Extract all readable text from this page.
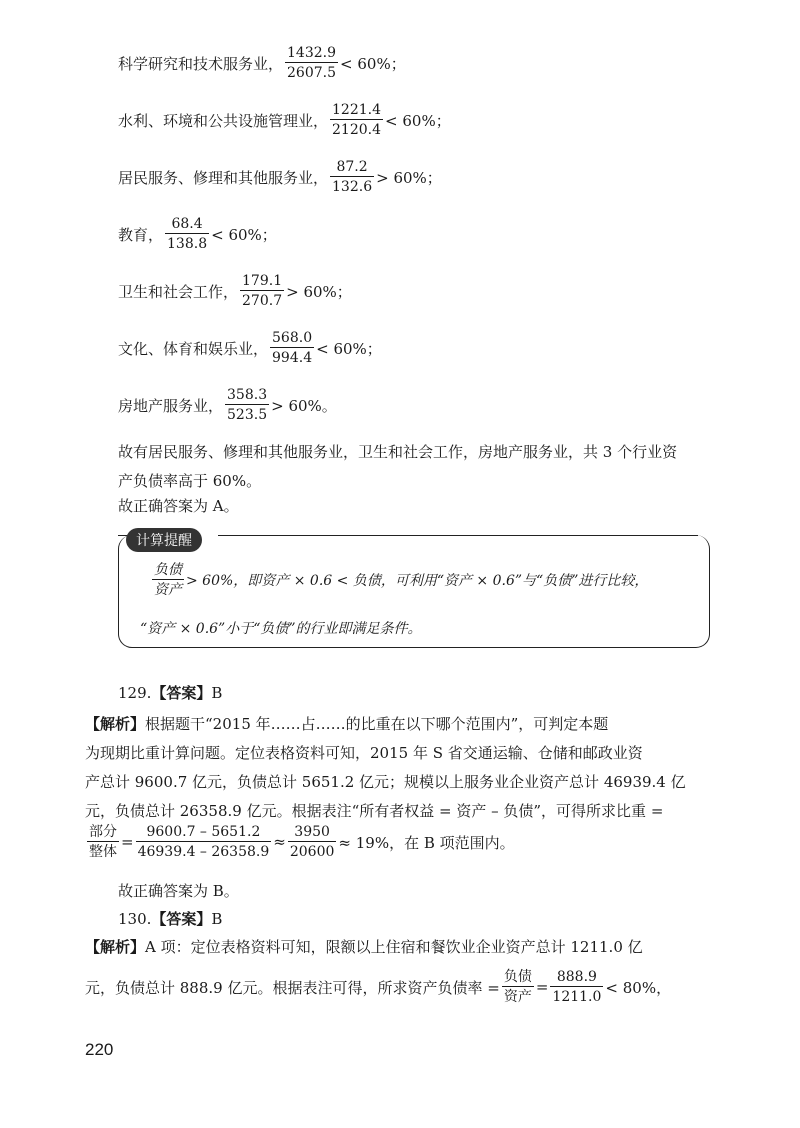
科学研究和技术服务业， $\frac{1432.9}{2607.5} < 60\%$；
水利、环境和公共设施管理业， $\frac{1221.4}{2120.4} < 60\%$；
居民服务、修理和其他服务业， $\frac{87.2}{132.6} > 60\%$；
教育， $\frac{68.4}{138.8} < 60\%$；
卫生和社会工作， $\frac{179.1}{270.7} > 60\%$；
文化、体育和娱乐业， $\frac{568.0}{994.4} < 60\%$；
房地产服务业， $\frac{358.3}{523.5} > 60\%$。
故有居民服务、修理和其他服务业，卫生和社会工作，房地产服务业，共 3 个行业资
产负债率高于 60%。
故正确答案为 A。
计算提醒
$\frac{\text{负债}}{\text{资产}} > 60\%$，即资产 × 0.6 < 负债，可利用“资产 × 0.6”与“负债”进行比较，
“资产 × 0.6”小于“负债”的行业即满足条件。
129.【答案】B
【解析】根据题干“2015 年……占……的比重在以下哪个范围内”，可判定本题
为现期比重计算问题。定位表格资料可知，2015 年 S 省交通运输、仓储和邮政业资
产总计 9600.7 亿元，负债总计 5651.2 亿元；规模以上服务业企业资产总计 46939.4 亿
元，负债总计 26358.9 亿元。根据表注“所有者权益 = 资产 – 负债”，可得所求比重 =
$\frac{\text{部分}}{\text{整体}} = \frac{9600.7 - 5651.2}{46939.4 - 26358.9} \approx \frac{3950}{20600} \approx 19\%$，在 B 项范围内。
故正确答案为 B。
130.【答案】B
【解析】A 项：定位表格资料可知，限额以上住宿和餐饮业企业资产总计 1211.0 亿
元，负债总计 888.9 亿元。根据表注可得，所求资产负债率 = $\frac{\text{负债}}{\text{资产}} = \frac{888.9}{1211.0} < 80\%$，
220
